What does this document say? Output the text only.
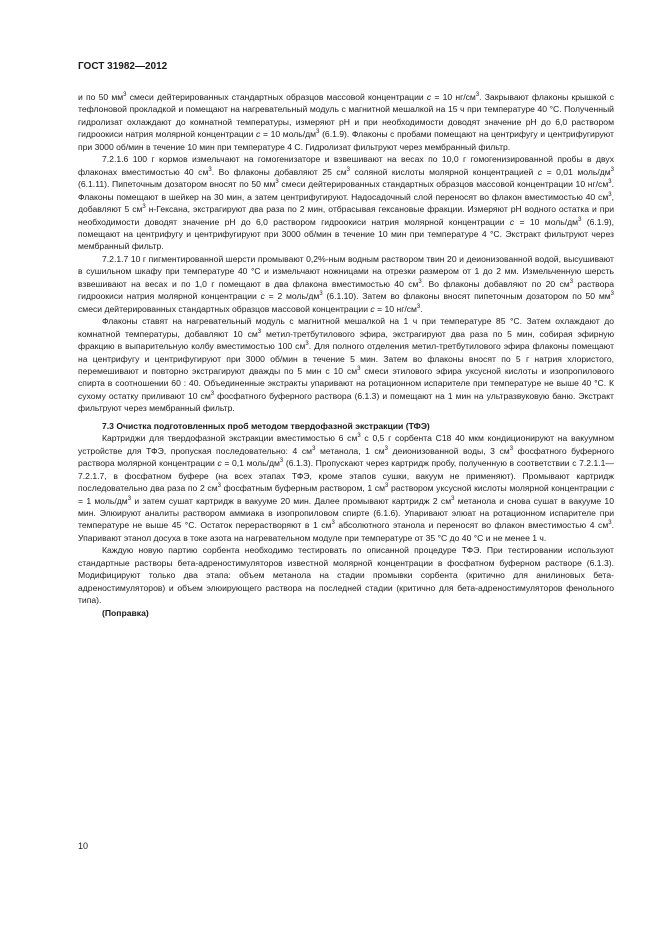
ГОСТ 31982—2012

и по 50 $мм^3$ смеси дейтерированных стандартных образцов массовой концентрации с = 10 $нг/см^3$. Закрывают флаконы крышкой с тефлоновой прокладкой и помещают на нагревательный модуль с магнитной мешалкой на 15 ч при температуре 40 °С. Полученный гидролизат охлаждают до комнатной температуры, измеряют рН и при необходимости доводят значение рН до 6,0 раствором гидроокиси натрия молярной концентрации с = 10 моль/$дм^3$ (6.1.9). Флаконы с пробами помещают на центрифугу и центрифугируют при 3000 об/мин в течение 10 мин при температуре 4 С. Гидролизат фильтруют через мембранный фильтр.

7.2.1.6 100 г кормов измельчают на гомогенизаторе и взвешивают на весах по 10,0 г гомогенизированной пробы в двух флаконах вместимостью 40 $см^3$. Во флаконы добавляют 25 $см^3$ соляной кислоты молярной концентрацией с = 0,01 моль/$дм^3$ (6.1.11). Пипеточным дозатором вносят по 50 $мм^3$ смеси дейтерированных стандартных образцов массовой концентрации 10 $нг/см^3$. Флаконы помещают в шейкер на 30 мин, а затем центрифугируют. Надосадочный слой переносят во флакон вместимостью 40 $см^3$, добавляют 5 $см^3$ н-Гексана, экстрагируют два раза по 2 мин, отбрасывая гексановые фракции. Измеряют рН водного остатка и при необходимости доводят значение рН до 6,0 раствором гидроокиси натрия молярной концентрации с = 10 моль/$дм^3$ (6.1.9), помещают на центрифугу и центрифугируют при 3000 об/мин в течение 10 мин при температуре 4 °С. Экстракт фильтруют через мембранный фильтр.

7.2.1.7 10 г пигментированной шерсти промывают 0,2%-ным водным раствором твин 20 и деионизованной водой, высушивают в сушильном шкафу при температуре 40 °С и измельчают ножницами на отрезки размером от 1 до 2 мм. Измельченную шерсть взвешивают на весах и по 1,0 г помещают в два флакона вместимостью 40 $см^3$. Во флаконы добавляют по 20 $см^3$ раствора гидроокиси натрия молярной концентрации с = 2 моль/$дм^3$ (6.1.10). Затем во флаконы вносят пипеточным дозатором по 50 $мм^3$ смеси дейтерированных стандартных образцов массовой концентрации с = 10 $нг/см^3$.

Флаконы ставят на нагревательный модуль с магнитной мешалкой на 1 ч при температуре 85 °С. Затем охлаждают до комнатной температуры, добавляют 10 $см^3$ метил-третбутилового эфира, экстрагируют два раза по 5 мин, собирая эфирную фракцию в выпарительную колбу вместимостью 100 $см^3$. Для полного отделения метил-третбутилового эфира флаконы помещают на центрифугу и центрифугируют при 3000 об/мин в течение 5 мин. Затем во флаконы вносят по 5 г натрия хлористого, перемешивают и повторно экстрагируют дважды по 5 мин с 10 $см^3$ смеси этилового эфира уксусной кислоты и изопропилового спирта в соотношении 60 : 40. Объединенные экстракты упаривают на ротационном испарителе при температуре не выше 40 °С. К сухому остатку приливают 10 $см^3$ фосфатного буферного раствора (6.1.3) и помещают на 1 мин на ультразвуковую баню. Экстракт фильтруют через мембранный фильтр.

7.3 Очистка подготовленных проб методом твердофазной экстракции (ТФЭ)

Картриджи для твердофазной экстракции вместимостью 6 $см^3$ с 0,5 г сорбента С18 40 мкм кондиционируют на вакуумном устройстве для ТФЭ, пропуская последовательно: 4 $см^3$ метанола, 1 $см^3$ деионизованной воды, 3 $см^3$ фосфатного буферного раствора молярной концентрации с = 0,1 моль/$дм^3$ (6.1.3). Пропускают через картридж пробу, полученную в соответствии с 7.2.1.1—7.2.1.7, в фосфатном буфере (на всех этапах ТФЭ, кроме этапов сушки, вакуум не применяют). Промывают картридж последовательно два раза по 2 $см^3$ фосфатным буферным раствором, 1 $см^3$ раствором уксусной кислоты молярной концентрации с = 1 моль/$дм^3$ и затем сушат картридж в вакууме 20 мин. Далее промывают картридж 2 $см^3$ метанола и снова сушат в вакууме 10 мин. Элюируют аналиты раствором аммиака в изопропиловом спирте (6.1.6). Упаривают элюат на ротационном испарителе при температуре не выше 45 °С. Остаток перерастворяют в 1 $см^3$ абсолютного этанола и переносят во флакон вместимостью 4 $см^3$. Упаривают этанол досуха в токе азота на нагревательном модуле при температуре от 35 °С до 40 °С и не менее 1 ч.

Каждую новую партию сорбента необходимо тестировать по описанной процедуре ТФЭ. При тестировании используют стандартные растворы бета-адреностимуляторов известной молярной концентрации в фосфатном буферном растворе (6.1.3). Модифицируют только два этапа: объем метанола на стадии промывки сорбента (критично для анилиновых бета-адреностимуляторов) и объем элюирующего раствора на последней стадии (критично для бета-адреностимуляторов фенольного типа).

(Поправка)

10
